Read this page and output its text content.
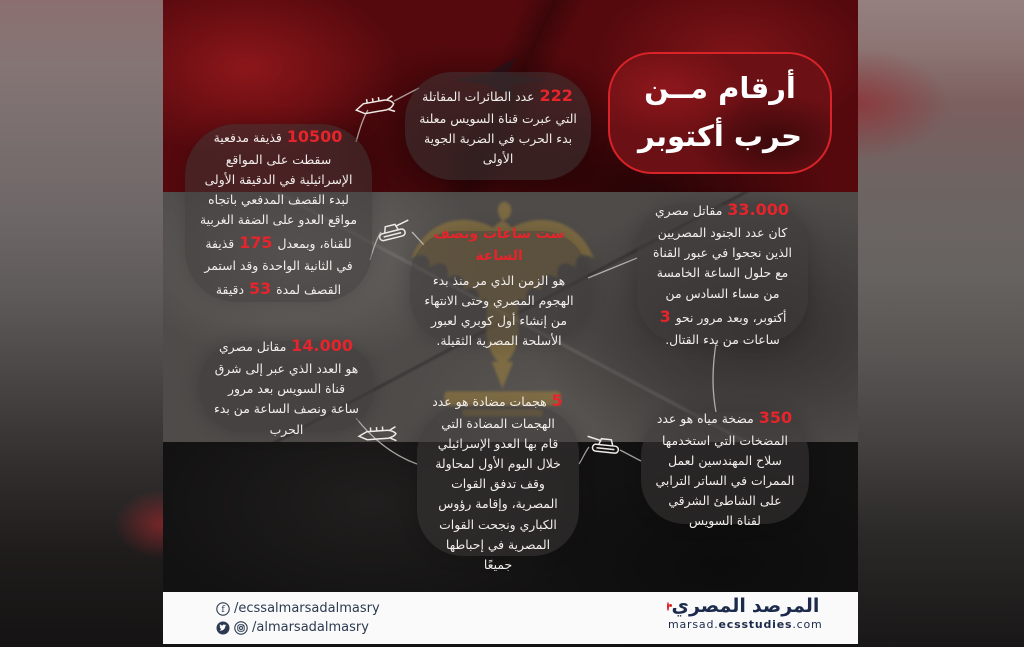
أرقام مــن
حرب أكتوبر

222 عدد الطائرات المقاتلة التي عبرت قناة السويس معلنة بدء الحرب في الضربة الجوية الأولى

10500 قذيفة مدفعية سقطت على المواقع الإسرائيلية في الدقيقة الأولى لبدء القصف المدفعي باتجاه مواقع العدو على الضفة الغربية للقناة، وبمعدل 175 قذيفة في الثانية الواحدة وقد استمر القصف لمدة 53 دقيقة

ست ساعات ونصف الساعة
هو الزمن الذي مر منذ بدء الهجوم المصري وحتى الانتهاء من إنشاء أول كوبري لعبور الأسلحة المصرية الثقيلة.

33.000 مقاتل مصري كان عدد الجنود المصريين الذين نجحوا في عبور القناة مع حلول الساعة الخامسة من مساء السادس من أكتوبر، وبعد مرور نحو 3 ساعات من بدء القتال.

14.000 مقاتل مصري هو العدد الذي عبر إلى شرق قناة السويس بعد مرور ساعة ونصف الساعة من بدء الحرب

5 هجمات مضادة هو عدد الهجمات المضادة التي قام بها العدو الإسرائيلي خلال اليوم الأول لمحاولة وقف تدفق القوات المصرية، وإقامة رؤوس الكباري ونجحت القوات المصرية في إحباطها جميعًا

350 مضخة مياه هو عدد المضخات التي استخدمها سلاح المهندسين لعمل الممرات في الساتر الترابي على الشاطئ الشرقي لقناة السويس

f /ecssalmarsadalmasry
/almarsadalmasry
المرصد
المصري
marsad.ecsstudies.com
